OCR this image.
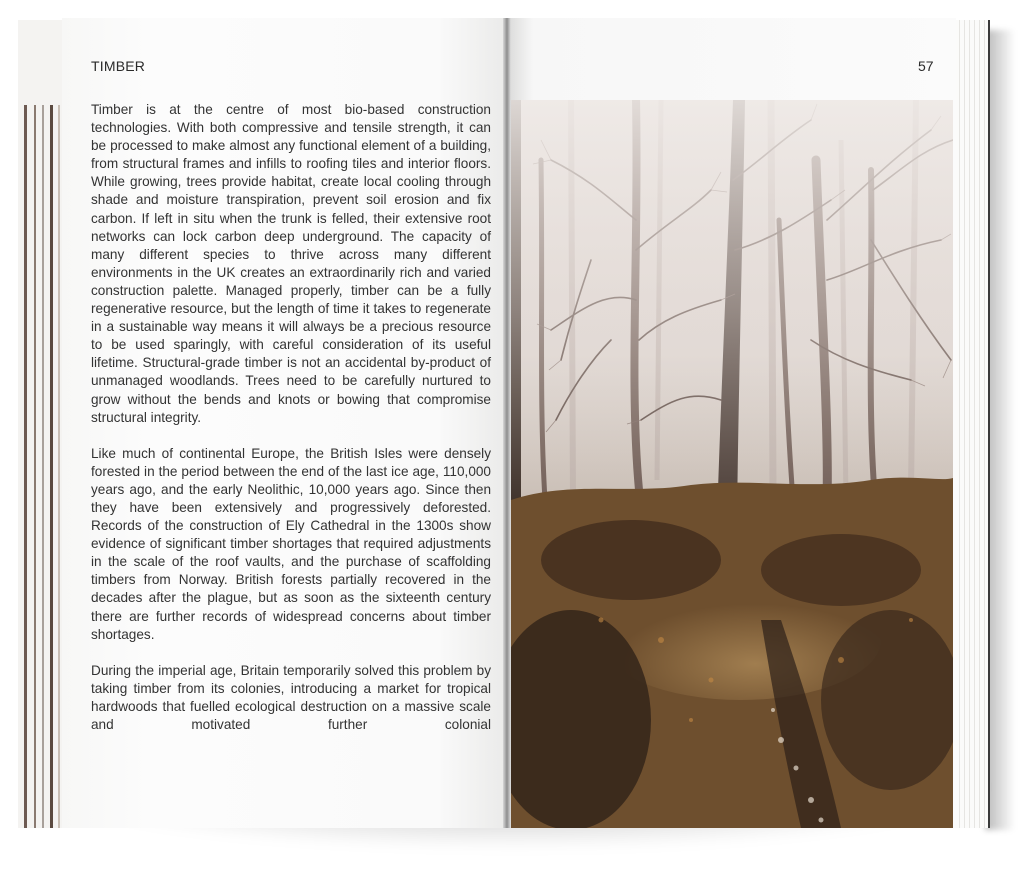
TIMBER	57

Timber is at the centre of most bio-based construction technologies. With both compressive and tensile strength, it can be processed to make almost any functional element of a building, from structural frames and infills to roofing tiles and interior floors. While growing, trees provide habitat, create local cooling through shade and moisture transpiration, prevent soil erosion and fix carbon. If left in situ when the trunk is felled, their extensive root networks can lock carbon deep underground. The capacity of many different species to thrive across many different environments in the UK creates an extraordinarily rich and varied construction palette. Managed properly, timber can be a fully regenerative resource, but the length of time it takes to regenerate in a sustainable way means it will always be a precious resource to be used sparingly, with careful consideration of its useful lifetime. Structural-grade timber is not an accidental by-product of unmanaged woodlands. Trees need to be carefully nurtured to grow without the bends and knots or bowing that compromise structural integrity.

Like much of continental Europe, the British Isles were densely forested in the period between the end of the last ice age, 110,000 years ago, and the early Neolithic, 10,000 years ago. Since then they have been extensively and progressively deforested. Records of the construction of Ely Cathedral in the 1300s show evidence of significant timber shortages that required adjustments in the scale of the roof vaults, and the purchase of scaffolding timbers from Norway. British forests partially recovered in the decades after the plague, but as soon as the sixteenth century there are further records of widespread concerns about timber shortages.

During the imperial age, Britain temporarily solved this problem by taking timber from its colonies, introducing a market for tropical hardwoods that fuelled ecological destruction on a massive scale and motivated further colonial
